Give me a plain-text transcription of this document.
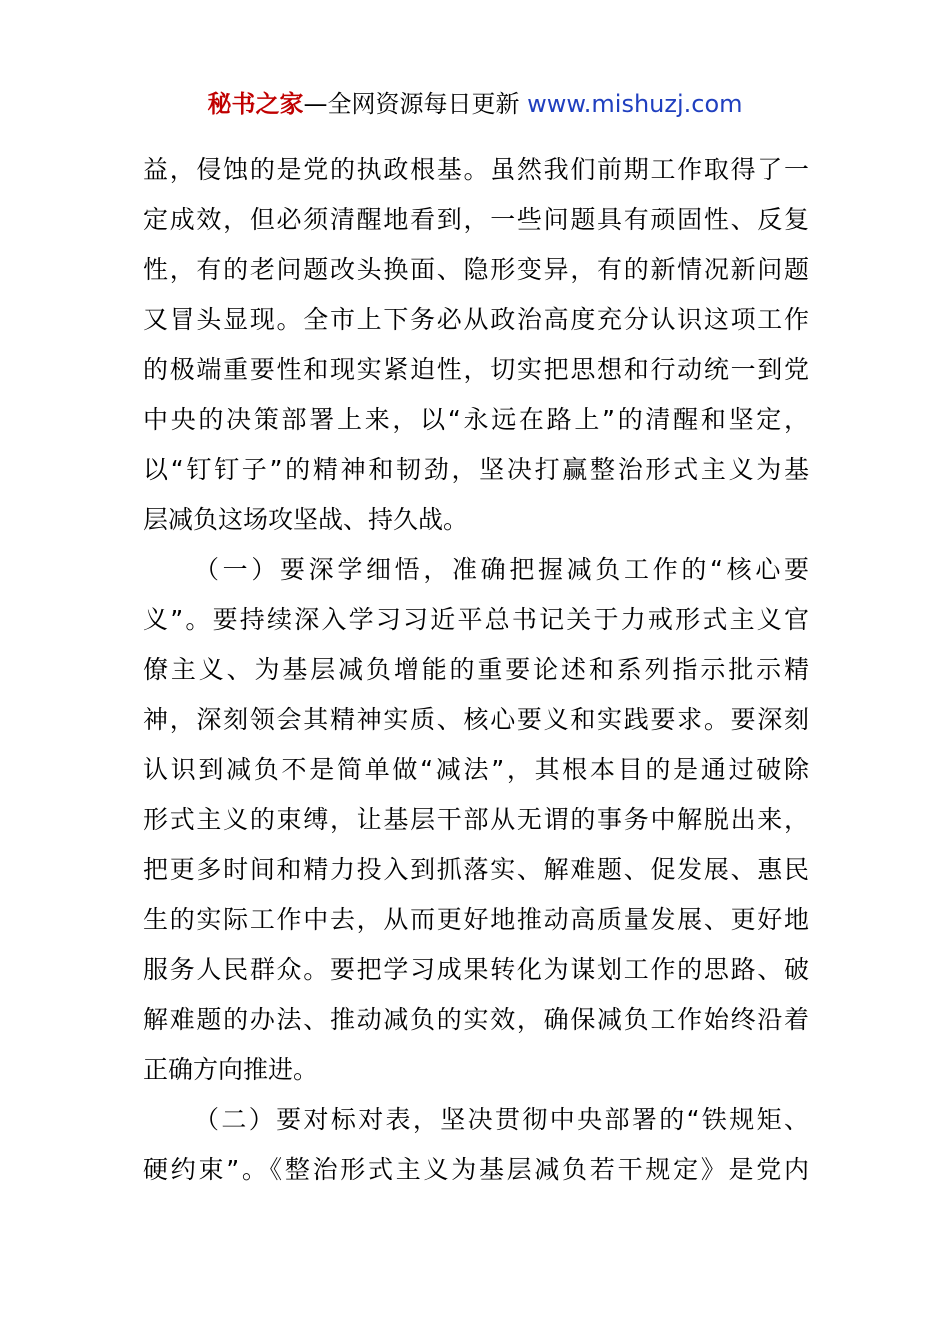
秘书之家—全网资源每日更新 www.mishuzj.com
益，侵蚀的是党的执政根基。虽然我们前期工作取得了一
定成效，但必须清醒地看到，一些问题具有顽固性、反复
性，有的老问题改头换面、隐形变异，有的新情况新问题
又冒头显现。全市上下务必从政治高度充分认识这项工作
的极端重要性和现实紧迫性，切实把思想和行动统一到党
中央的决策部署上来，以“永远在路上”的清醒和坚定，
以“钉钉子”的精神和韧劲，坚决打赢整治形式主义为基
层减负这场攻坚战、持久战。
（一）要深学细悟，准确把握减负工作的“核心要
义”。要持续深入学习习近平总书记关于力戒形式主义官
僚主义、为基层减负增能的重要论述和系列指示批示精
神，深刻领会其精神实质、核心要义和实践要求。要深刻
认识到减负不是简单做“减法”，其根本目的是通过破除
形式主义的束缚，让基层干部从无谓的事务中解脱出来，
把更多时间和精力投入到抓落实、解难题、促发展、惠民
生的实际工作中去，从而更好地推动高质量发展、更好地
服务人民群众。要把学习成果转化为谋划工作的思路、破
解难题的办法、推动减负的实效，确保减负工作始终沿着
正确方向推进。
（二）要对标对表，坚决贯彻中央部署的“铁规矩、
硬约束”。《整治形式主义为基层减负若干规定》是党内
